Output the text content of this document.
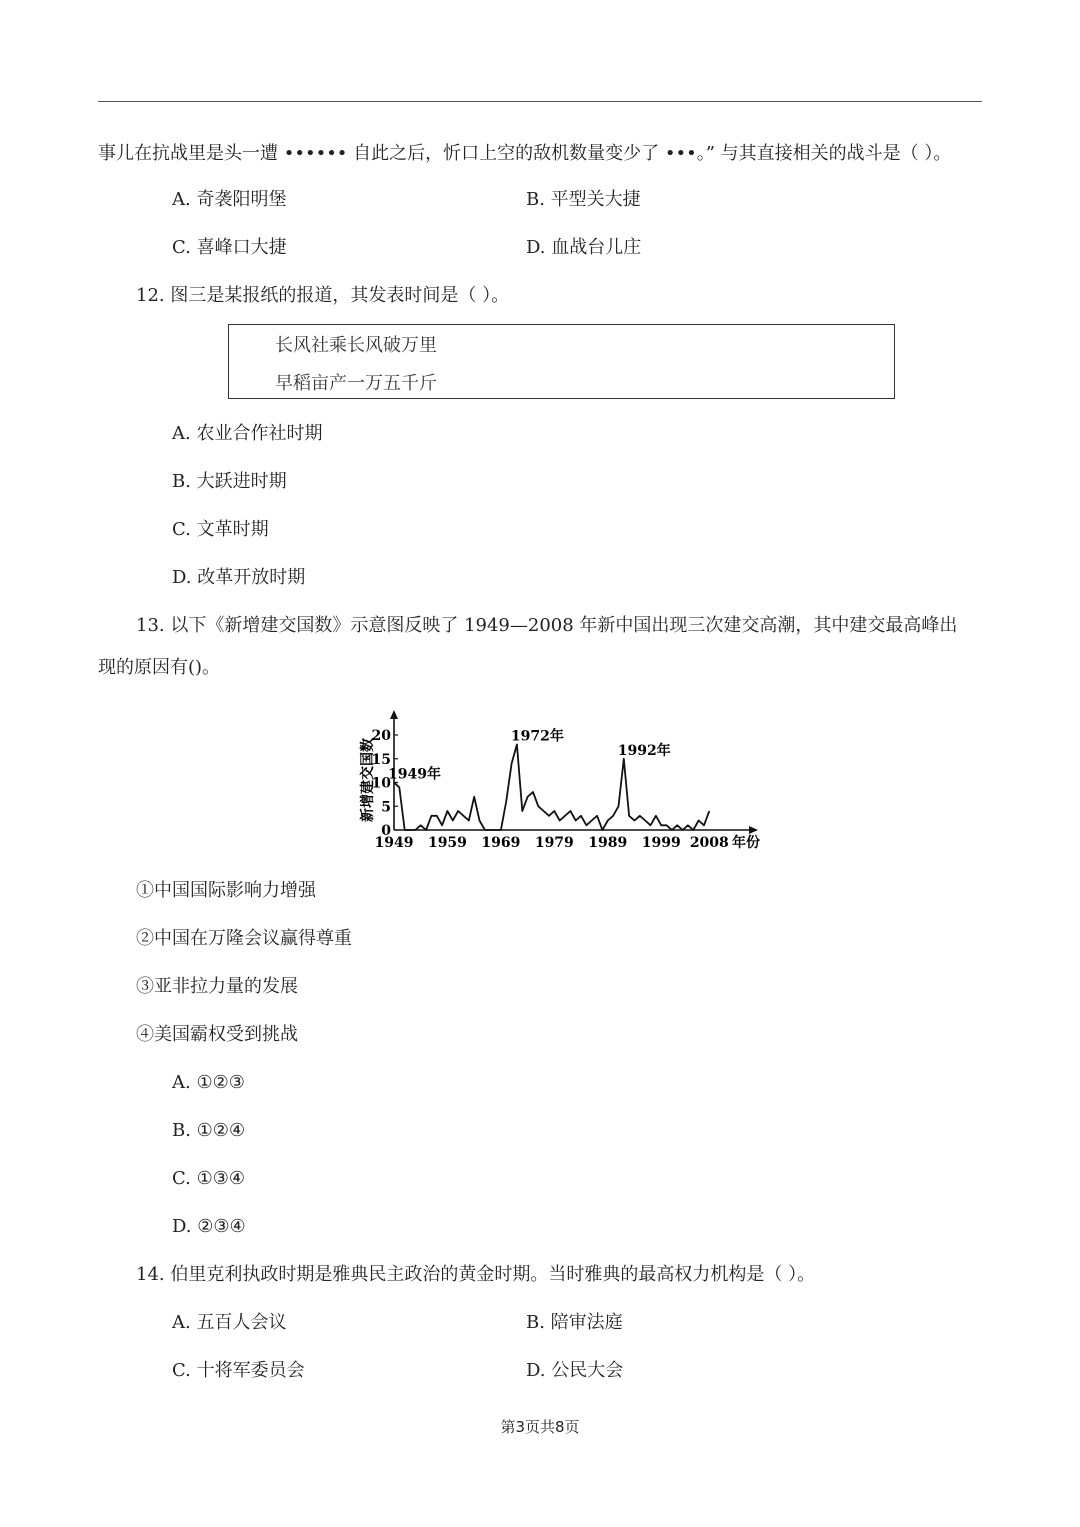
事儿在抗战里是头一遭 •••••• 自此之后，忻口上空的敌机数量变少了 •••。” 与其直接相关的战斗是（ ）。
A. 奇袭阳明堡	B. 平型关大捷
C. 喜峰口大捷	D. 血战台儿庄
12. 图三是某报纸的报道，其发表时间是（ ）。
长风社乘长风破万里
早稻亩产一万五千斤
A. 农业合作社时期
B. 大跃进时期
C. 文革时期
D. 改革开放时期
13. 以下《新增建交国数》示意图反映了 1949—2008 年新中国出现三次建交高潮，其中建交最高峰出
现的原因有()。
0
5
10
15
20
1949 1959 1969 1979 1989 1999 2008 年份
新增建交国数 1949年
1972年
1992年
①中国国际影响力增强
②中国在万隆会议赢得尊重
③亚非拉力量的发展
④美国霸权受到挑战
A. ①②③
B. ①②④
C. ①③④
D. ②③④
14. 伯里克利执政时期是雅典民主政治的黄金时期。当时雅典的最高权力机构是（ ）。
A. 五百人会议	B. 陪审法庭
C. 十将军委员会	D. 公民大会
第3页共8页
